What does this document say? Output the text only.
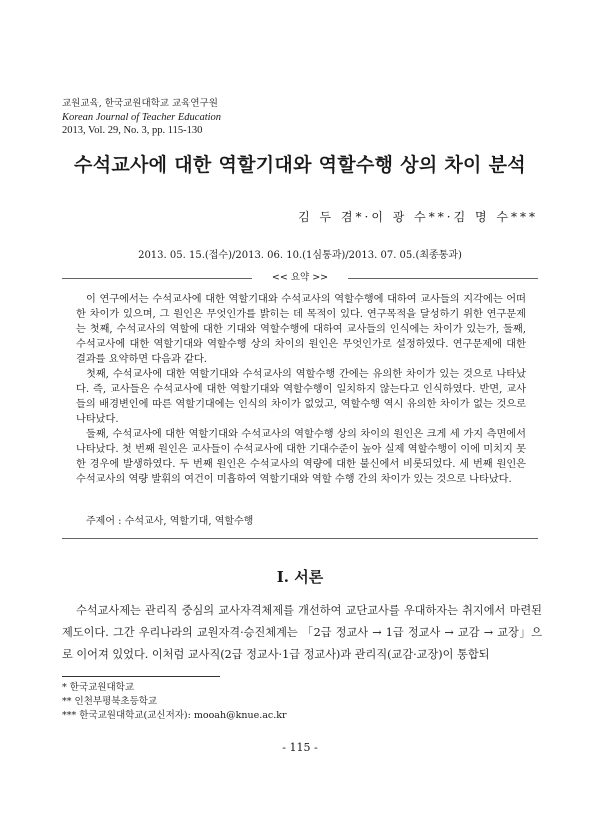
교원교육, 한국교원대학교 교육연구원
Korean Journal of Teacher Education
2013, Vol. 29, No. 3, pp. 115-130
수석교사에 대한 역할기대와 역할수행 상의 차이 분석
김 두 겸*·이 광 수**·김 명 수***
2013. 05. 15.(접수)/2013. 06. 10.(1심통과)/2013. 07. 05.(최종통과)
<< 요약 >>

이 연구에서는 수석교사에 대한 역할기대와 수석교사의 역할수행에 대하여 교사들의 지각에는 어떠한 차이가 있으며, 그 원인은 무엇인가를 밝히는 데 목적이 있다. 연구목적을 달성하기 위한 연구문제는 첫째, 수석교사의 역할에 대한 기대와 역할수행에 대하여 교사들의 인식에는 차이가 있는가, 둘째, 수석교사에 대한 역할기대와 역할수행 상의 차이의 원인은 무엇인가로 설정하였다. 연구문제에 대한 결과를 요약하면 다음과 같다.

첫째, 수석교사에 대한 역할기대와 수석교사의 역할수행 간에는 유의한 차이가 있는 것으로 나타났다. 즉, 교사들은 수석교사에 대한 역할기대와 역할수행이 일치하지 않는다고 인식하였다. 반면, 교사들의 배경변인에 따른 역할기대에는 인식의 차이가 없었고, 역할수행 역시 유의한 차이가 없는 것으로 나타났다.

둘째, 수석교사에 대한 역할기대와 수석교사의 역할수행 상의 차이의 원인은 크게 세 가지 측면에서 나타났다. 첫 번째 원인은 교사들이 수석교사에 대한 기대수준이 높아 실제 역할수행이 이에 미치지 못한 경우에 발생하였다. 두 번째 원인은 수석교사의 역량에 대한 불신에서 비롯되었다. 세 번째 원인은 수석교사의 역량 발휘의 여건이 미흡하여 역할기대와 역할 수행 간의 차이가 있는 것으로 나타났다.

주제어 : 수석교사, 역할기대, 역할수행
Ⅰ. 서론

수석교사제는 관리직 중심의 교사자격체제를 개선하여 교단교사를 우대하자는 취지에서 마련된 제도이다. 그간 우리나라의 교원자격·승진체계는 「2급 정교사 → 1급 정교사 → 교감 → 교장」으로 이어져 있었다. 이처럼 교사직(2급 정교사·1급 정교사)과 관리직(교감·교장)이 통합되

* 한국교원대학교
** 인천부평북초등학교
*** 한국교원대학교(교신저자): mooah@knue.ac.kr
- 115 -
